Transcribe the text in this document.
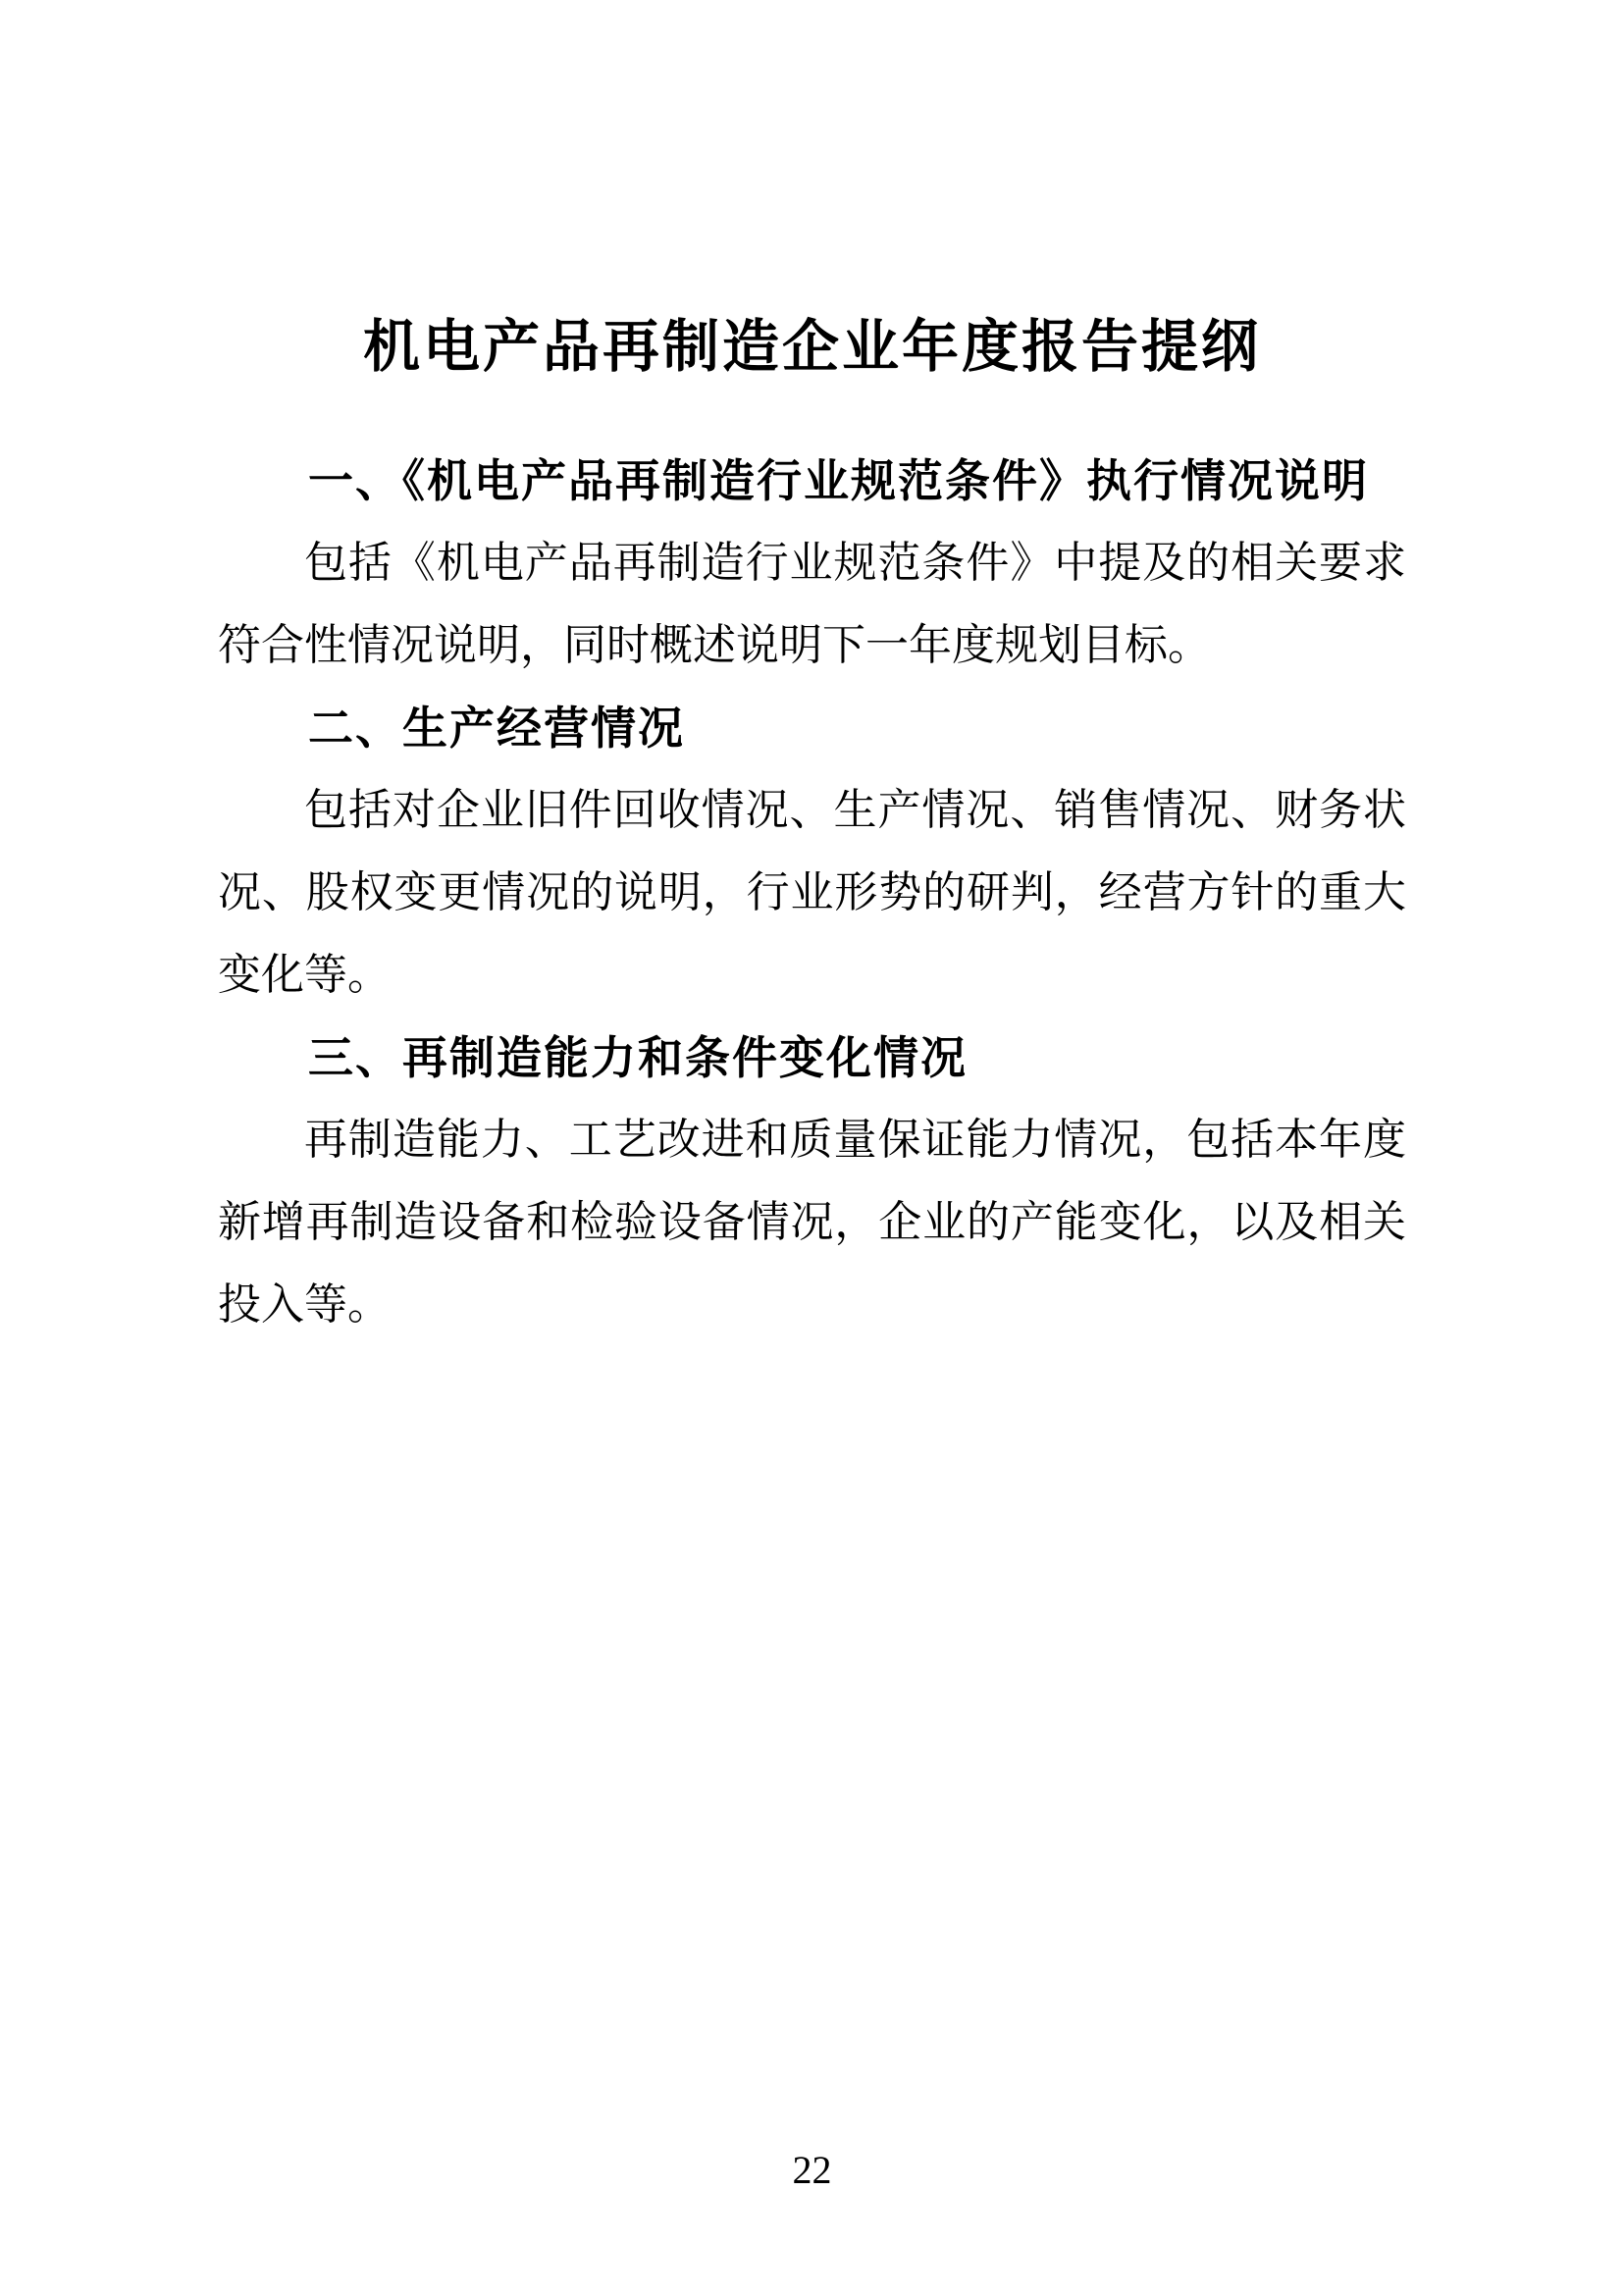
机电产品再制造企业年度报告提纲
一、《机电产品再制造行业规范条件》执行情况说明

包括《机电产品再制造行业规范条件》中提及的相关要求符合性情况说明，同时概述说明下一年度规划目标。

二、生产经营情况

包括对企业旧件回收情况、生产情况、销售情况、财务状况、股权变更情况的说明，行业形势的研判，经营方针的重大变化等。

三、再制造能力和条件变化情况

再制造能力、工艺改进和质量保证能力情况，包括本年度新增再制造设备和检验设备情况，企业的产能变化，以及相关投入等。

22
